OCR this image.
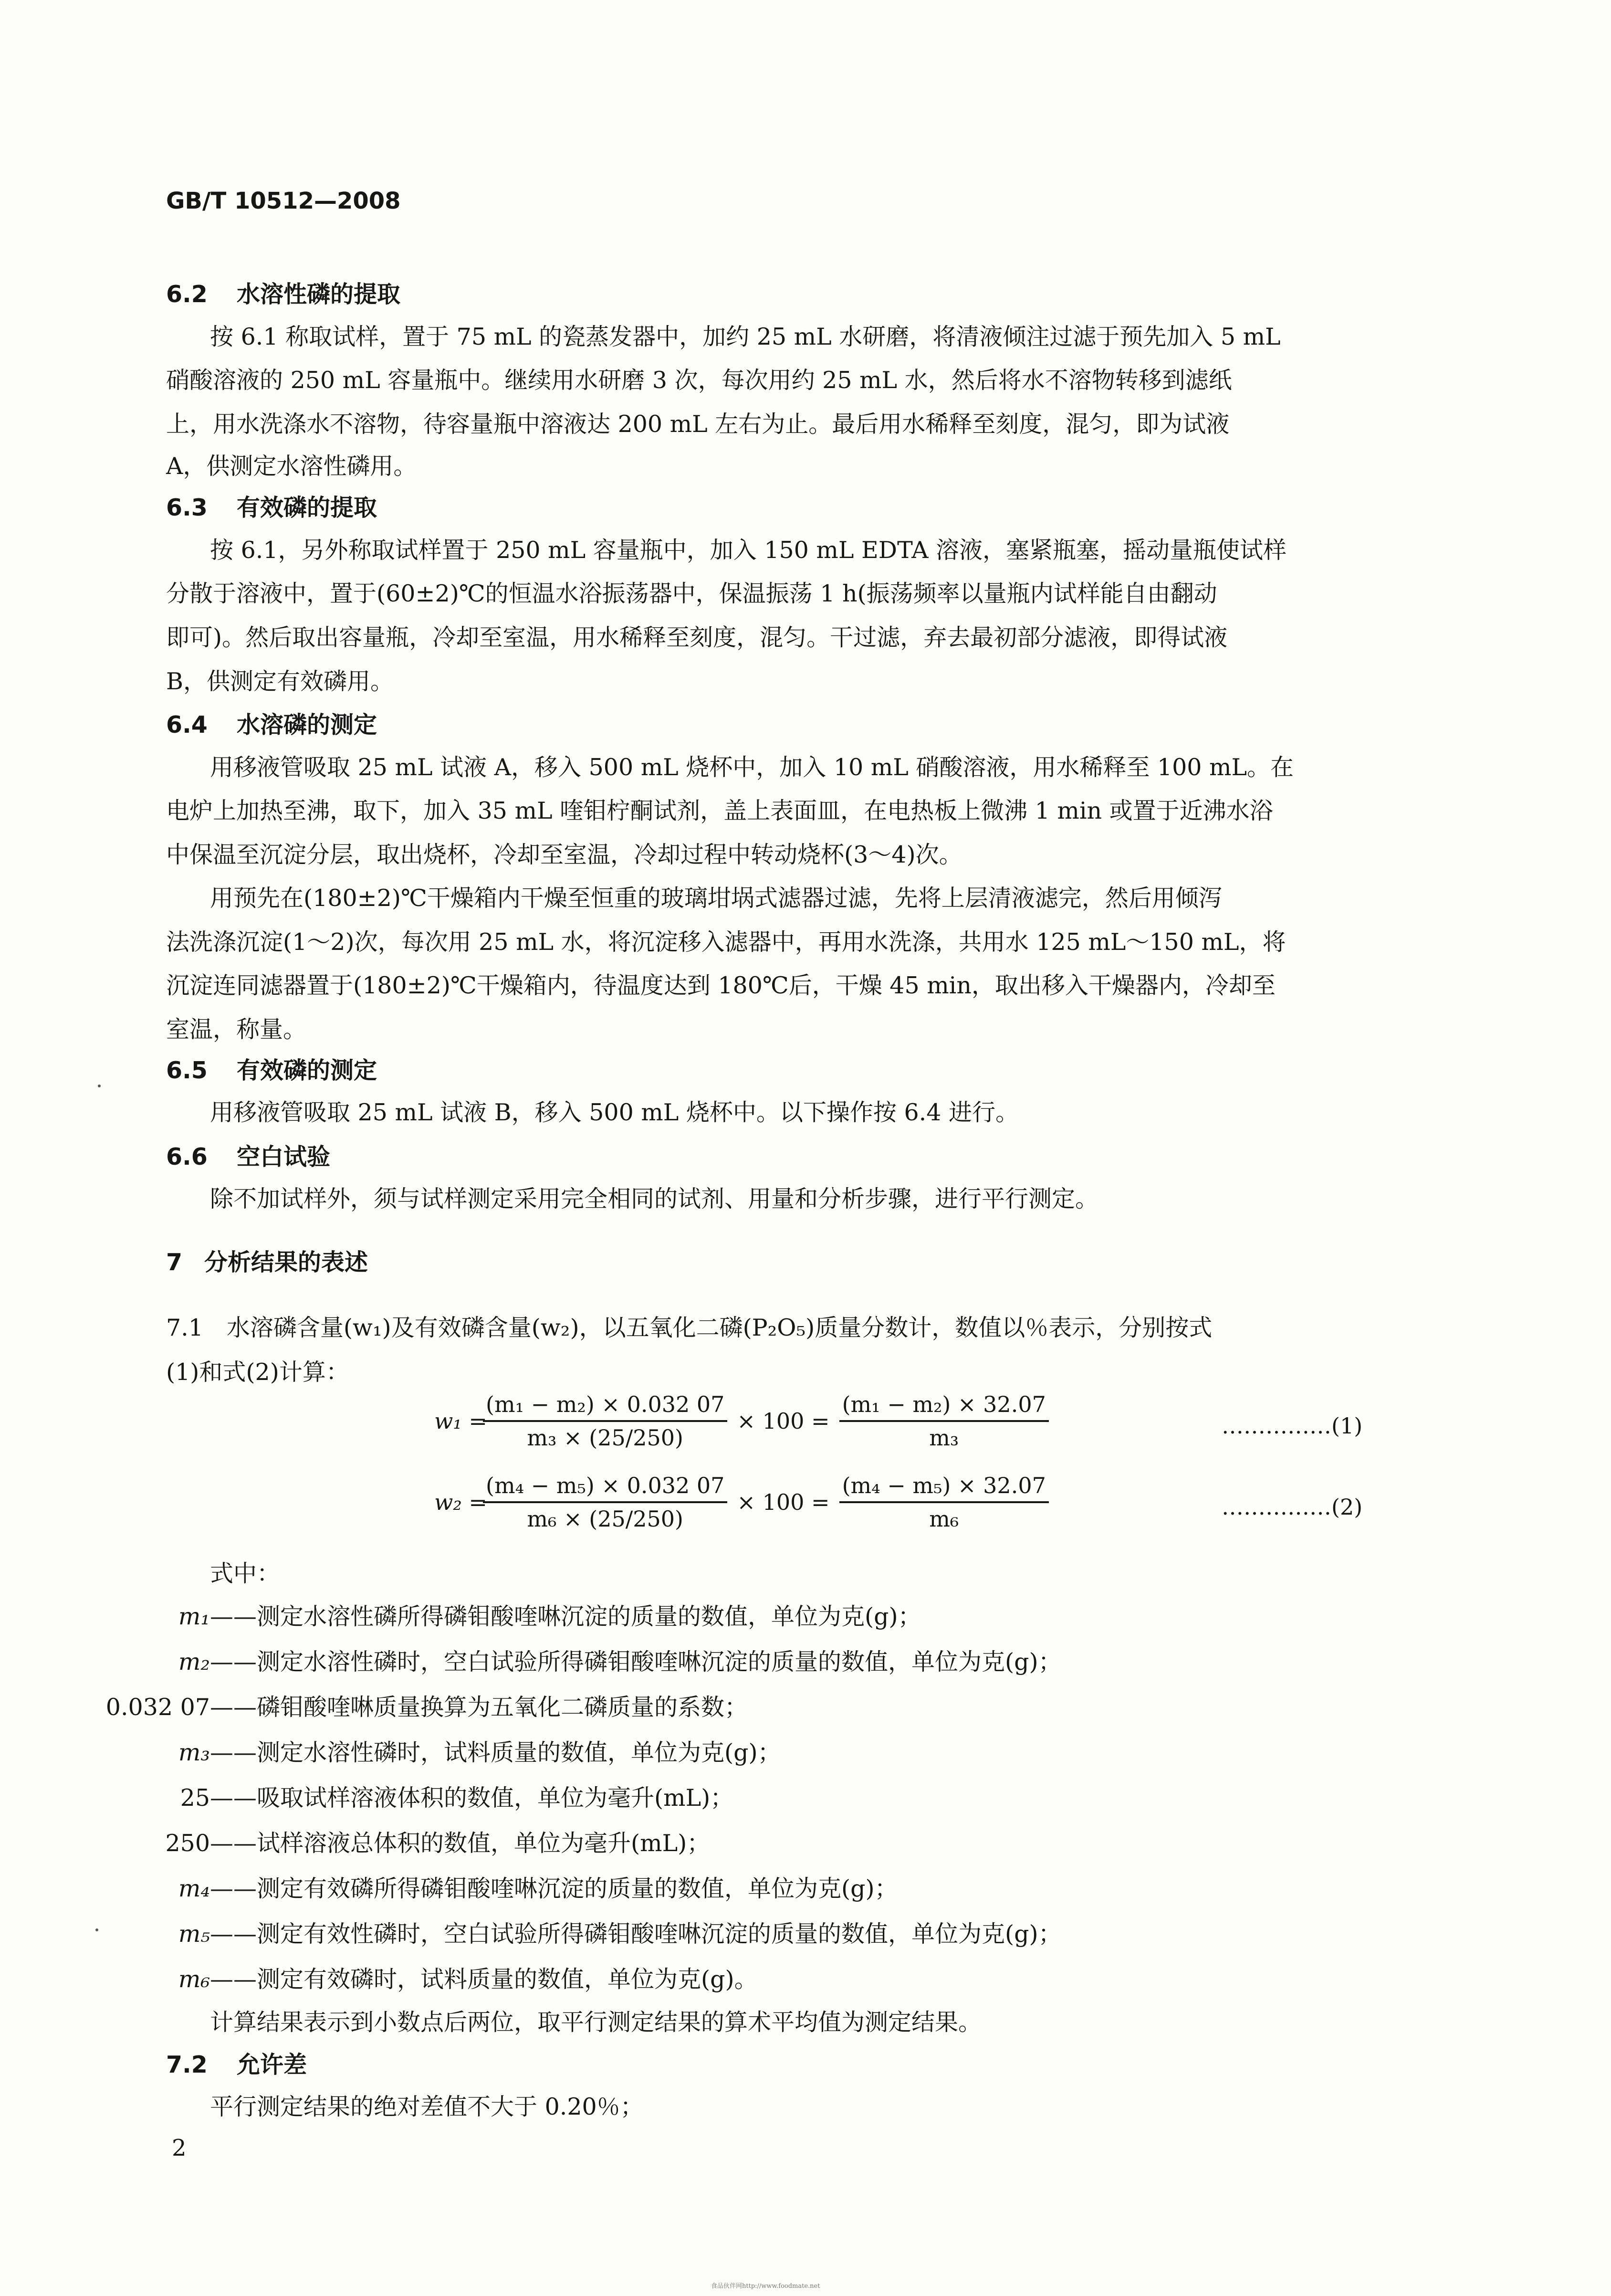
GB/T 10512—2008
6.2 水溶性磷的提取
按 6.1 称取试样，置于 75 mL 的瓷蒸发器中，加约 25 mL 水研磨，将清液倾注过滤于预先加入 5 mL
硝酸溶液的 250 mL 容量瓶中。继续用水研磨 3 次，每次用约 25 mL 水，然后将水不溶物转移到滤纸
上，用水洗涤水不溶物，待容量瓶中溶液达 200 mL 左右为止。最后用水稀释至刻度，混匀，即为试液
A，供测定水溶性磷用。
6.3 有效磷的提取
按 6.1，另外称取试样置于 250 mL 容量瓶中，加入 150 mL EDTA 溶液，塞紧瓶塞，摇动量瓶使试样
分散于溶液中，置于(60±2)℃的恒温水浴振荡器中，保温振荡 1 h(振荡频率以量瓶内试样能自由翻动
即可)。然后取出容量瓶，冷却至室温，用水稀释至刻度，混匀。干过滤，弃去最初部分滤液，即得试液
B，供测定有效磷用。
6.4 水溶磷的测定
用移液管吸取 25 mL 试液 A，移入 500 mL 烧杯中，加入 10 mL 硝酸溶液，用水稀释至 100 mL。在
电炉上加热至沸，取下，加入 35 mL 喹钼柠酮试剂，盖上表面皿，在电热板上微沸 1 min 或置于近沸水浴
中保温至沉淀分层，取出烧杯，冷却至室温，冷却过程中转动烧杯(3～4)次。
用预先在(180±2)℃干燥箱内干燥至恒重的玻璃坩埚式滤器过滤，先将上层清液滤完，然后用倾泻
法洗涤沉淀(1～2)次，每次用 25 mL 水，将沉淀移入滤器中，再用水洗涤，共用水 125 mL～150 mL，将
沉淀连同滤器置于(180±2)℃干燥箱内，待温度达到 180℃后，干燥 45 min，取出移入干燥器内，冷却至
室温，称量。
6.5 有效磷的测定
用移液管吸取 25 mL 试液 B，移入 500 mL 烧杯中。以下操作按 6.4 进行。
6.6 空白试验
除不加试样外，须与试样测定采用完全相同的试剂、用量和分析步骤，进行平行测定。
7 分析结果的表述
7.1　水溶磷含量(w₁)及有效磷含量(w₂)，以五氧化二磷(P₂O₅)质量分数计，数值以％表示，分别按式
(1)和式(2)计算：
w₁ =
$\frac{\text{(m₁ − m₂) × 0.032 07}}{\text{m₃ × (25/250)}} \times 100 = \frac{\text{(m₁ − m₂) × 32.07}}{\text{m₃}}$	……………(1)
w₂ =
$\frac{\text{(m₄ − m₅) × 0.032 07}}{\text{m₆ × (25/250)}} \times 100 = \frac{\text{(m₄ − m₅) × 32.07}}{\text{m₆}}$	……………(2)
式中：
m₁——测定水溶性磷所得磷钼酸喹啉沉淀的质量的数值，单位为克(g)；
m₂——测定水溶性磷时，空白试验所得磷钼酸喹啉沉淀的质量的数值，单位为克(g)；
0.032 07——磷钼酸喹啉质量换算为五氧化二磷质量的系数；
m₃——测定水溶性磷时，试料质量的数值，单位为克(g)；
25——吸取试样溶液体积的数值，单位为毫升(mL)；
250——试样溶液总体积的数值，单位为毫升(mL)；
m₄——测定有效磷所得磷钼酸喹啉沉淀的质量的数值，单位为克(g)；
m₅——测定有效性磷时，空白试验所得磷钼酸喹啉沉淀的质量的数值，单位为克(g)；
m₆——测定有效磷时，试料质量的数值，单位为克(g)。
计算结果表示到小数点后两位，取平行测定结果的算术平均值为测定结果。
7.2 允许差
平行测定结果的绝对差值不大于 0.20％；
2
食品伙伴网http://www.foodmate.net
